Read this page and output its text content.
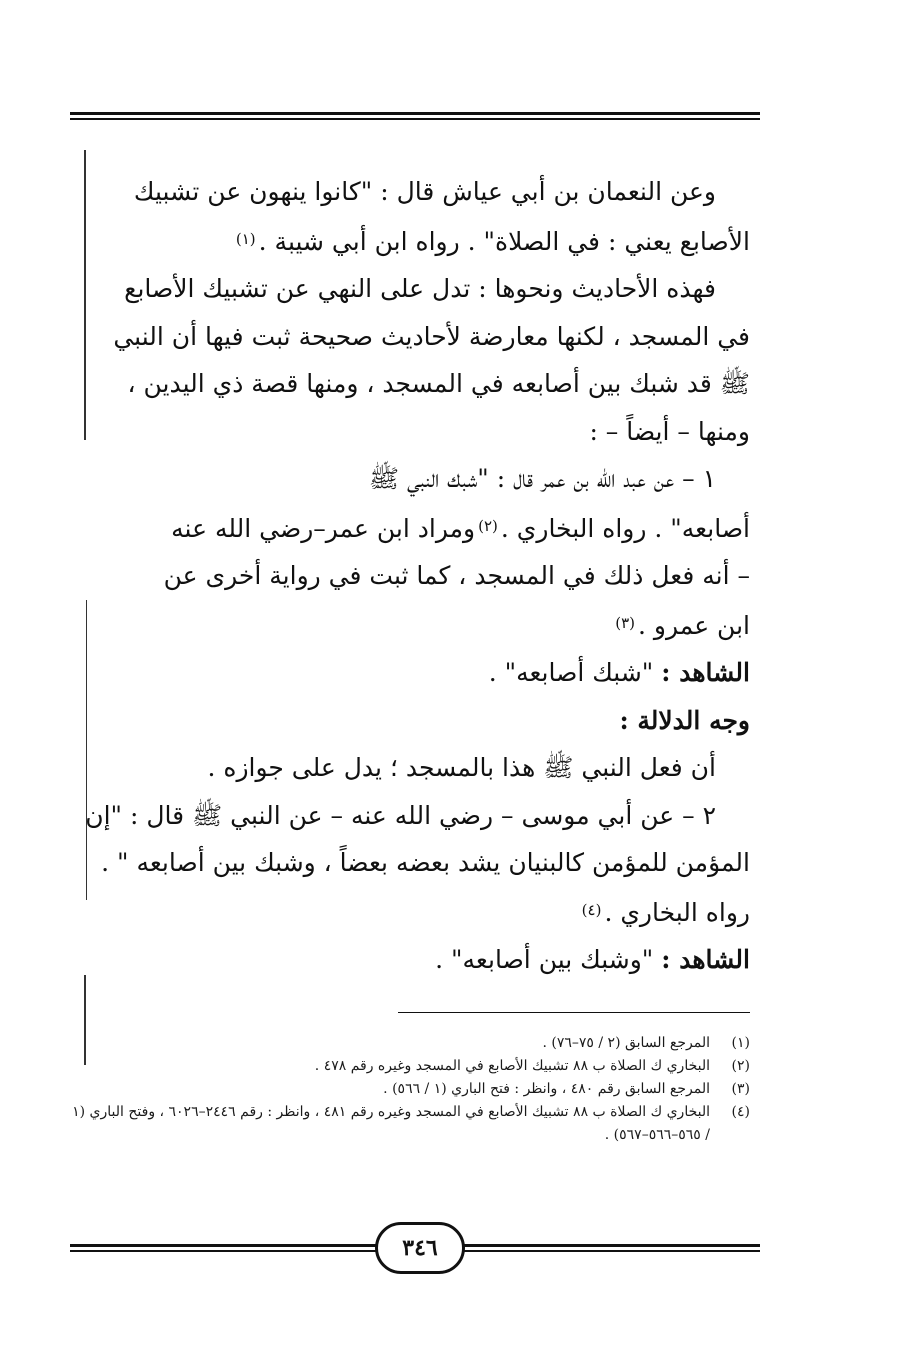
وعن النعمان بن أبي عياش قال : "كانوا ينهون عن تشبيك
الأصابع يعني : في الصلاة" . رواه ابن أبي شيبة .$^{(١)}$

فهذه الأحاديث ونحوها : تدل على النهي عن تشبيك الأصابع
في المسجد ، لكنها معارضة لأحاديث صحيحة ثبت فيها أن النبي
ﷺ قد شبك بين أصابعه في المسجد ، ومنها قصة ذي اليدين ،
ومنها – أيضاً – :

١ – عن عبد الله بن عمر قال : "شبك النبي ﷺ
أصابعه" . رواه البخاري .$^{(٢)}$ومراد ابن عمر–رضي الله عنه
– أنه فعل ذلك في المسجد ، كما ثبت في رواية أخرى عن
ابن عمرو .$^{(٣)}$

الشاهد : "شبك أصابعه" .

وجه الدلالة :

أن فعل النبي ﷺ هذا بالمسجد ؛ يدل على جوازه .

٢ – عن أبي موسى – رضي الله عنه – عن النبي ﷺ قال : "إن
المؤمن للمؤمن كالبنيان يشد بعضه بعضاً ، وشبك بين أصابعه " .
رواه البخاري .$^{(٤)}$

الشاهد : "وشبك بين أصابعه" .

(١)
المرجع السابق (٢ / ٧٥–٧٦) .
(٢)
البخاري ك الصلاة ب ٨٨ تشبيك الأصابع في المسجد وغيره رقم ٤٧٨ .
(٣)
المرجع السابق رقم ٤٨٠ ، وانظر : فتح الباري (١ / ٥٦٦) .
(٤)
البخاري ك الصلاة ب ٨٨ تشبيك الأصابع في المسجد وغيره رقم ٤٨١ ، وانظر : رقم ٢٤٤٦–٦٠٢٦ ، وفتح الباري (١ / ٥٦٥–٥٦٦–٥٦٧) .
٣٤٦
